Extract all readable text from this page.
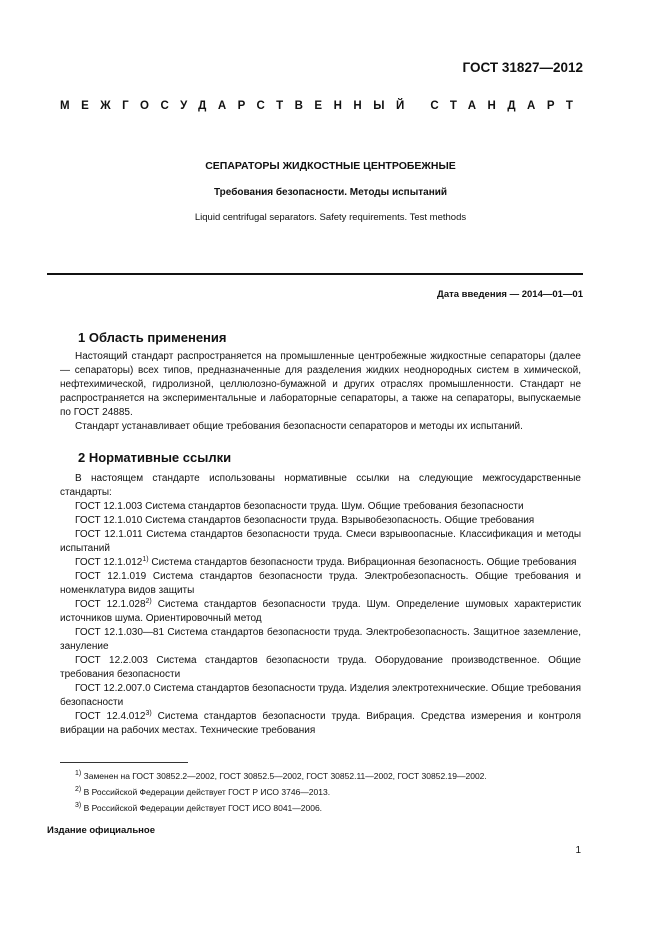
ГОСТ 31827—2012
МЕЖГОСУДАРСТВЕННЫЙ СТАНДАРТ
СЕПАРАТОРЫ ЖИДКОСТНЫЕ ЦЕНТРОБЕЖНЫЕ
Требования безопасности. Методы испытаний
Liquid centrifugal separators. Safety requirements. Test methods
Дата введения — 2014—01—01
1 Область применения

Настоящий стандарт распространяется на промышленные центробежные жидкостные сепараторы (далее — сепараторы) всех типов, предназначенные для разделения жидких неоднородных систем в химической, нефтехимической, гидролизной, целлюлозно-бумажной и других отраслях промышленности. Стандарт не распространяется на экспериментальные и лабораторные сепараторы, а также на сепараторы, выпускаемые по ГОСТ 24885.

Стандарт устанавливает общие требования безопасности сепараторов и методы их испытаний.

2 Нормативные ссылки

В настоящем стандарте использованы нормативные ссылки на следующие межгосударственные стандарты:

ГОСТ 12.1.003 Система стандартов безопасности труда. Шум. Общие требования безопасности

ГОСТ 12.1.010 Система стандартов безопасности труда. Взрывобезопасность. Общие требования

ГОСТ 12.1.011 Система стандартов безопасности труда. Смеси взрывоопасные. Классификация и методы испытаний

ГОСТ 12.1.012$^{1)}$ Система стандартов безопасности труда. Вибрационная безопасность. Общие требования

ГОСТ 12.1.019 Система стандартов безопасности труда. Электробезопасность. Общие требования и номенклатура видов защиты

ГОСТ 12.1.028$^{2)}$ Система стандартов безопасности труда. Шум. Определение шумовых характеристик источников шума. Ориентировочный метод

ГОСТ 12.1.030—81 Система стандартов безопасности труда. Электробезопасность. Защитное заземление, зануление

ГОСТ 12.2.003 Система стандартов безопасности труда. Оборудование производственное. Общие требования безопасности

ГОСТ 12.2.007.0 Система стандартов безопасности труда. Изделия электротехнические. Общие требования безопасности

ГОСТ 12.4.012$^{3)}$ Система стандартов безопасности труда. Вибрация. Средства измерения и контроля вибрации на рабочих местах. Технические требования

$^{1)}$ Заменен на ГОСТ 30852.2—2002, ГОСТ 30852.5—2002, ГОСТ 30852.11—2002, ГОСТ 30852.19—2002.

$^{2)}$ В Российской Федерации действует ГОСТ Р ИСО 3746—2013.

$^{3)}$ В Российской Федерации действует ГОСТ ИСО 8041—2006.

Издание официальное
1
